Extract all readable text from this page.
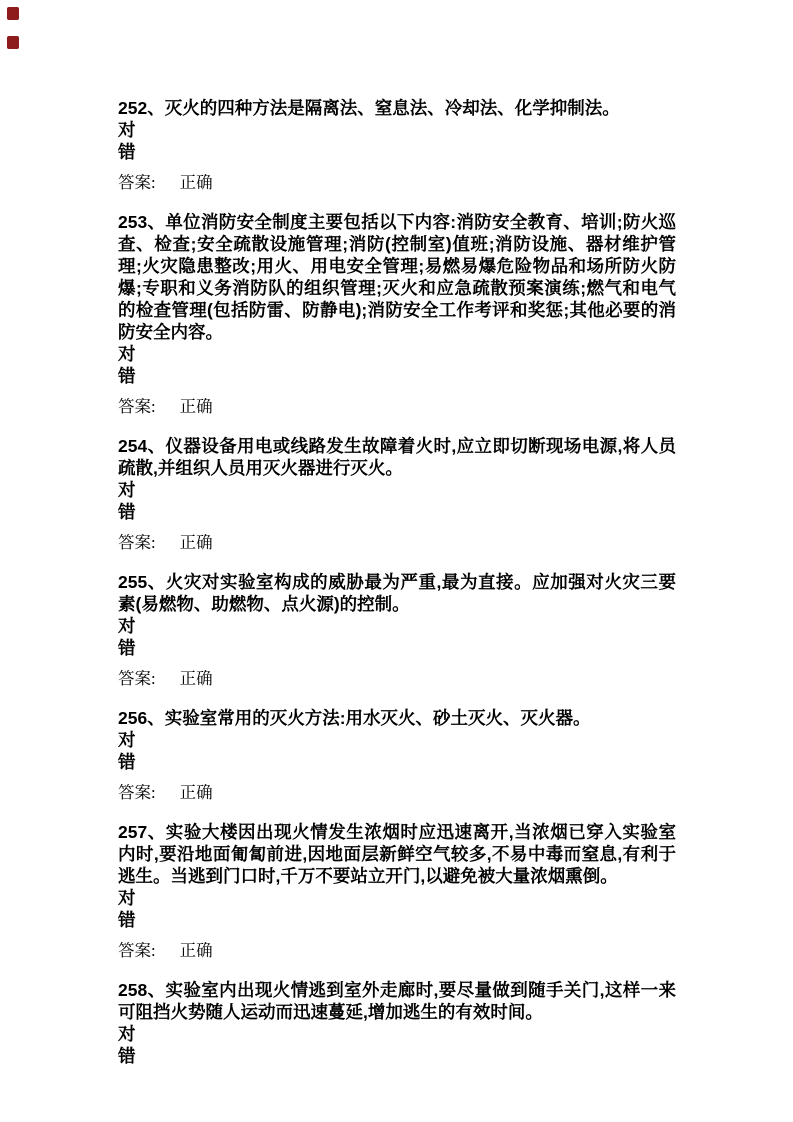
252、灭火的四种方法是隔离法、窒息法、冷却法、化学抑制法。

对
错
答案: 正确

253、单位消防安全制度主要包括以下内容:消防安全教育、培训;防火巡查、检查;安全疏散设施管理;消防(控制室)值班;消防设施、器材维护管理;火灾隐患整改;用火、用电安全管理;易燃易爆危险物品和场所防火防爆;专职和义务消防队的组织管理;灭火和应急疏散预案演练;燃气和电气的检查管理(包括防雷、防静电);消防安全工作考评和奖惩;其他必要的消防安全内容。

对
错
答案: 正确

254、仪器设备用电或线路发生故障着火时,应立即切断现场电源,将人员疏散,并组织人员用灭火器进行灭火。

对
错
答案: 正确

255、火灾对实验室构成的威胁最为严重,最为直接。应加强对火灾三要素(易燃物、助燃物、点火源)的控制。

对
错
答案: 正确

256、实验室常用的灭火方法:用水灭火、砂土灭火、灭火器。

对
错
答案: 正确

257、实验大楼因出现火情发生浓烟时应迅速离开,当浓烟已穿入实验室内时,要沿地面匍匐前进,因地面层新鲜空气较多,不易中毒而窒息,有利于逃生。当逃到门口时,千万不要站立开门,以避免被大量浓烟熏倒。

对
错
答案: 正确

258、实验室内出现火情逃到室外走廊时,要尽量做到随手关门,这样一来可阻挡火势随人运动而迅速蔓延,增加逃生的有效时间。

对
错
